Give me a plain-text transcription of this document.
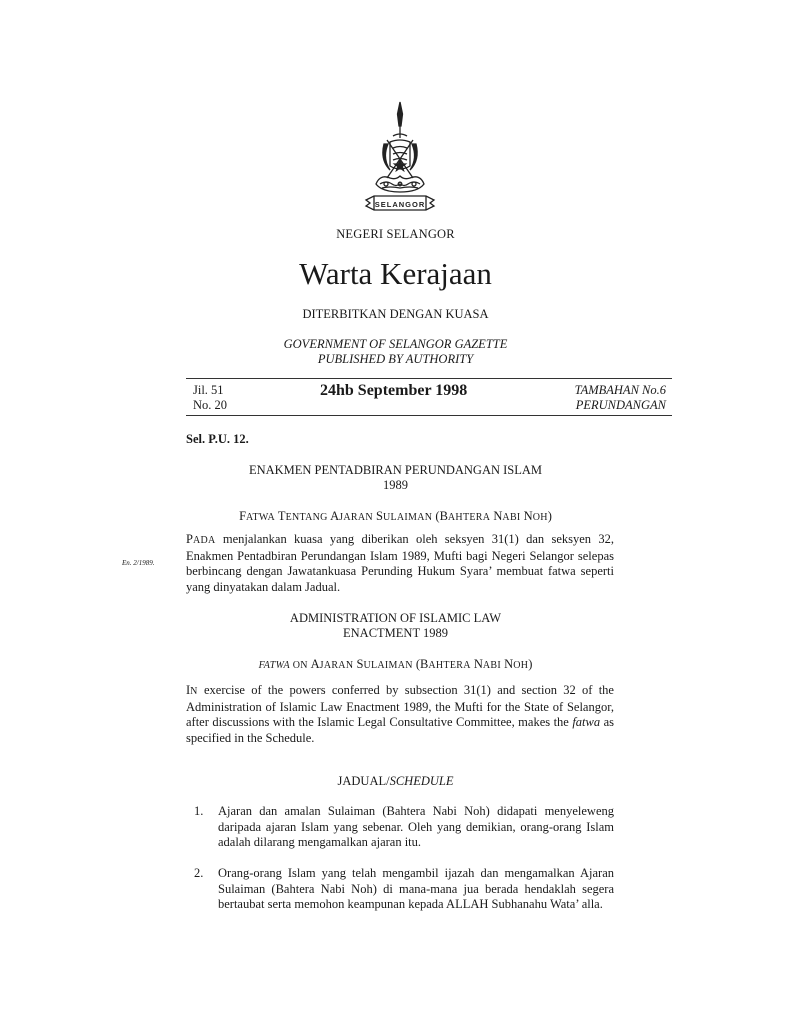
SELANGOR
NEGERI SELANGOR
Warta Kerajaan
DITERBITKAN DENGAN KUASA
GOVERNMENT OF SELANGOR GAZETTE
PUBLISHED BY AUTHORITY
Jil. 51
No. 20
24hb September 1998	TAMBAHAN No.6
PERUNDANGAN
Sel. P.U. 12.
ENAKMEN PENTADBIRAN PERUNDANGAN ISLAM
1989
FATWA TENTANG AJARAN SULAIMAN (BAHTERA NABI NOH)
En. 2/1989.
PADA menjalankan kuasa yang diberikan oleh seksyen 31(1) dan seksyen 32, Enakmen Pentadbiran Perundangan Islam 1989, Mufti bagi Negeri Selangor selepas berbincang dengan Jawatankuasa Perunding Hukum Syara’ membuat fatwa seperti yang dinyatakan dalam Jadual.
ADMINISTRATION OF ISLAMIC LAW
ENACTMENT 1989
FATWA ON AJARAN SULAIMAN (BAHTERA NABI NOH)
IN exercise of the powers conferred by subsection 31(1) and section 32 of the Administration of Islamic Law Enactment 1989, the Mufti for the State of Selangor, after discussions with the Islamic Legal Consultative Committee, makes the fatwa as specified in the Schedule.
JADUAL/SCHEDULE
1. Ajaran dan amalan Sulaiman (Bahtera Nabi Noh) didapati menyeleweng daripada ajaran Islam yang sebenar. Oleh yang demikian, orang-orang Islam adalah dilarang mengamalkan ajaran itu.
2. Orang-orang Islam yang telah mengambil ijazah dan mengamalkan Ajaran Sulaiman (Bahtera Nabi Noh) di mana-mana jua berada hendaklah segera bertaubat serta memohon keampunan kepada ALLAH Subhanahu Wata’ alla.
